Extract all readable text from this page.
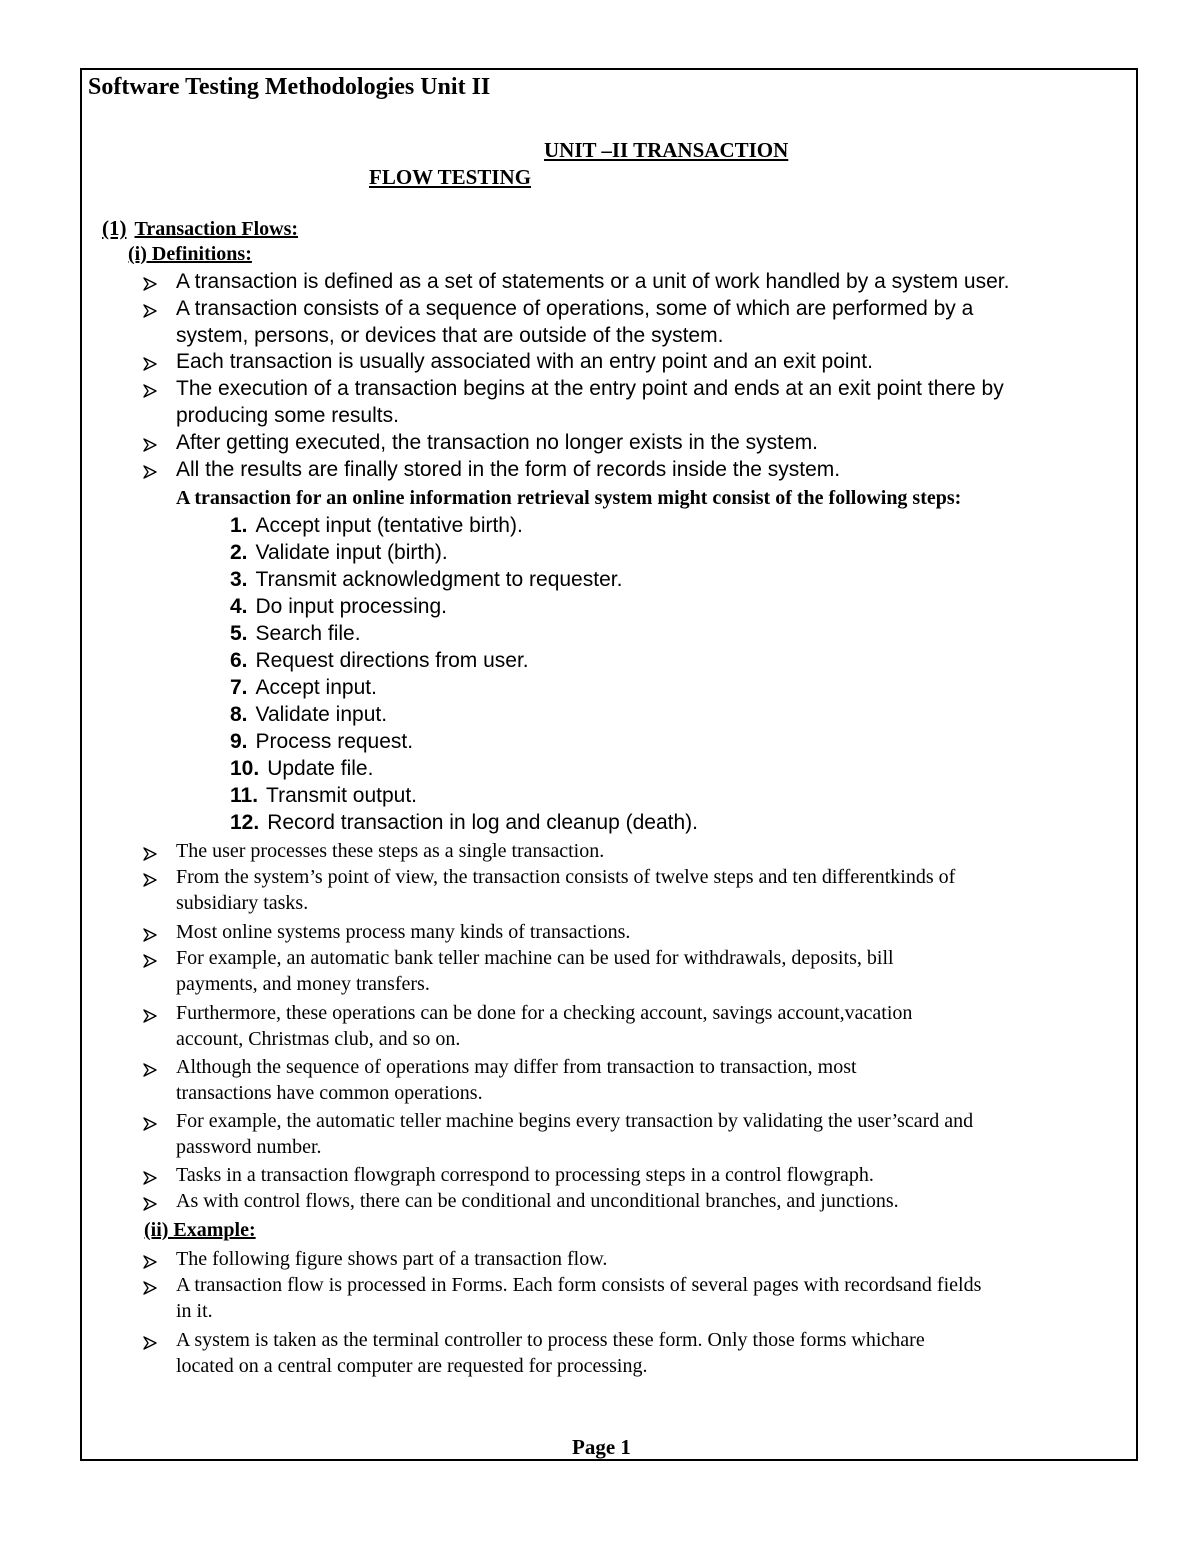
Software Testing Methodologies Unit II
UNIT –II TRANSACTION
FLOW TESTING
(1) Transaction Flows:
(i) Definitions:
A transaction is defined as a set of statements or a unit of work handled by a system user.
A transaction consists of a sequence of operations, some of which are performed by a
system, persons, or devices that are outside of the system.
Each transaction is usually associated with an entry point and an exit point.
The execution of a transaction begins at the entry point and ends at an exit point there by
producing some results.
After getting executed, the transaction no longer exists in the system.
All the results are finally stored in the form of records inside the system.
A transaction for an online information retrieval system might consist of the following steps:
1. Accept input (tentative birth).
2. Validate input (birth).
3. Transmit acknowledgment to requester.
4. Do input processing.
5. Search file.
6. Request directions from user.
7. Accept input.
8. Validate input.
9. Process request.
10. Update file.
11. Transmit output.
12. Record transaction in log and cleanup (death).
The user processes these steps as a single transaction.
From the system’s point of view, the transaction consists of twelve steps and ten differentkinds of
subsidiary tasks.
Most online systems process many kinds of transactions.
For example, an automatic bank teller machine can be used for withdrawals, deposits, bill
payments, and money transfers.
Furthermore, these operations can be done for a checking account, savings account,vacation
account, Christmas club, and so on.
Although the sequence of operations may differ from transaction to transaction, most
transactions have common operations.
For example, the automatic teller machine begins every transaction by validating the user’scard and
password number.
Tasks in a transaction flowgraph correspond to processing steps in a control flowgraph.
As with control flows, there can be conditional and unconditional branches, and junctions.
(ii) Example:
The following figure shows part of a transaction flow.
A transaction flow is processed in Forms. Each form consists of several pages with recordsand fields
in it.
A system is taken as the terminal controller to process these form. Only those forms whichare
located on a central computer are requested for processing.
Page 1
